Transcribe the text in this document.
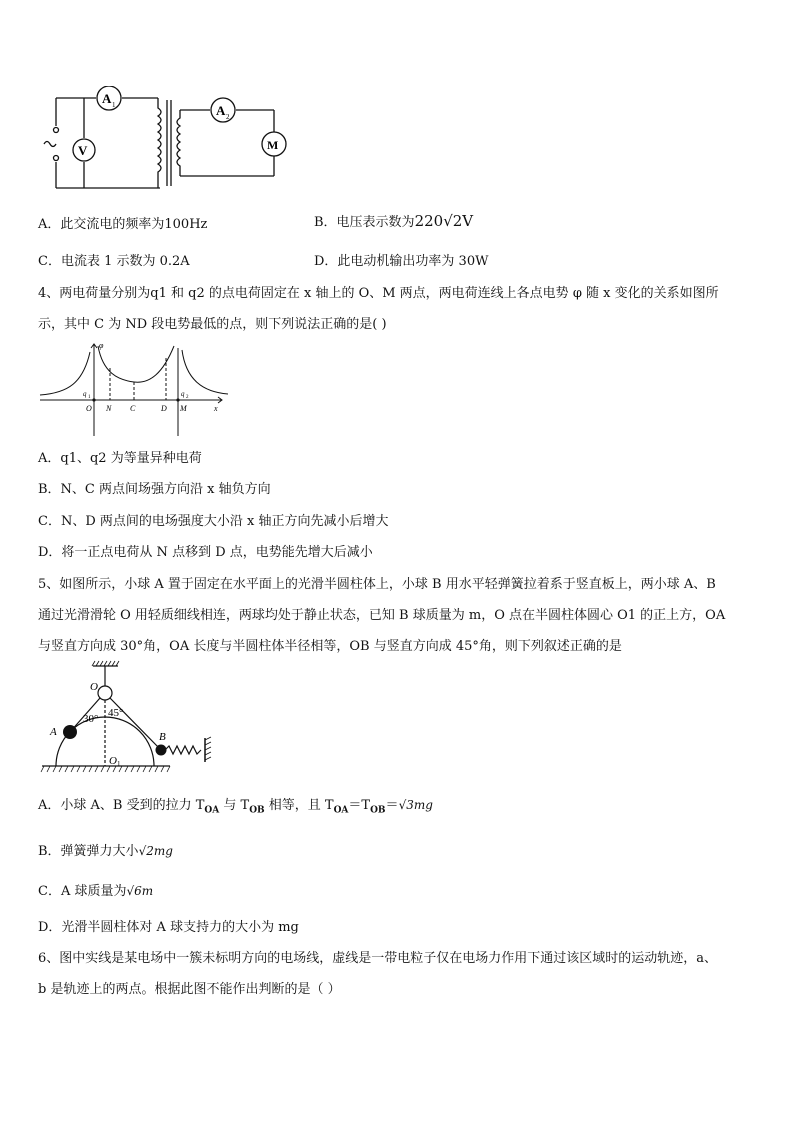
A 1
V
A 2
M
A．此交流电的频率为100Hz	B．电压表示数为220√2V
C．电流表 1 示数为 0.2A	D．此电动机输出功率为 30W
4、两电荷量分别为q1 和 q2 的点电荷固定在 x 轴上的 O、M 两点，两电荷连线上各点电势 φ 随 x 变化的关系如图所
示，其中 C 为 ND 段电势最低的点，则下列说法正确的是( )
φ
x
q 1	q 2
O N C	D M
A．q1、q2 为等量异种电荷
B．N、C 两点间场强方向沿 x 轴负方向
C．N、D 两点间的电场强度大小沿 x 轴正方向先减小后增大
D．将一正点电荷从 N 点移到 D 点，电势能先增大后减小
5、如图所示，小球 A 置于固定在水平面上的光滑半圆柱体上，小球 B 用水平轻弹簧拉着系于竖直板上，两小球 A、B
通过光滑滑轮 O 用轻质细线相连，两球均处于静止状态，已知 B 球质量为 m，O 点在半圆柱体圆心 O1 的正上方，OA
与竖直方向成 30°角，OA 长度与半圆柱体半径相等，OB 与竖直方向成 45°角，则下列叙述正确的是
O
A	B
30° 45°
O 1
A．小球 A、B 受到的拉力 $T_{OA}$ 与 $T_{OB}$ 相等，且 $T_{OA}=T_{OB}=√3mg$
B．弹簧弹力大小√2mg
C．A 球质量为√6m
D．光滑半圆柱体对 A 球支持力的大小为 mg
6、图中实线是某电场中一簇未标明方向的电场线，虚线是一带电粒子仅在电场力作用下通过该区域时的运动轨迹，a、
b 是轨迹上的两点。根据此图不能作出判断的是（ ）
